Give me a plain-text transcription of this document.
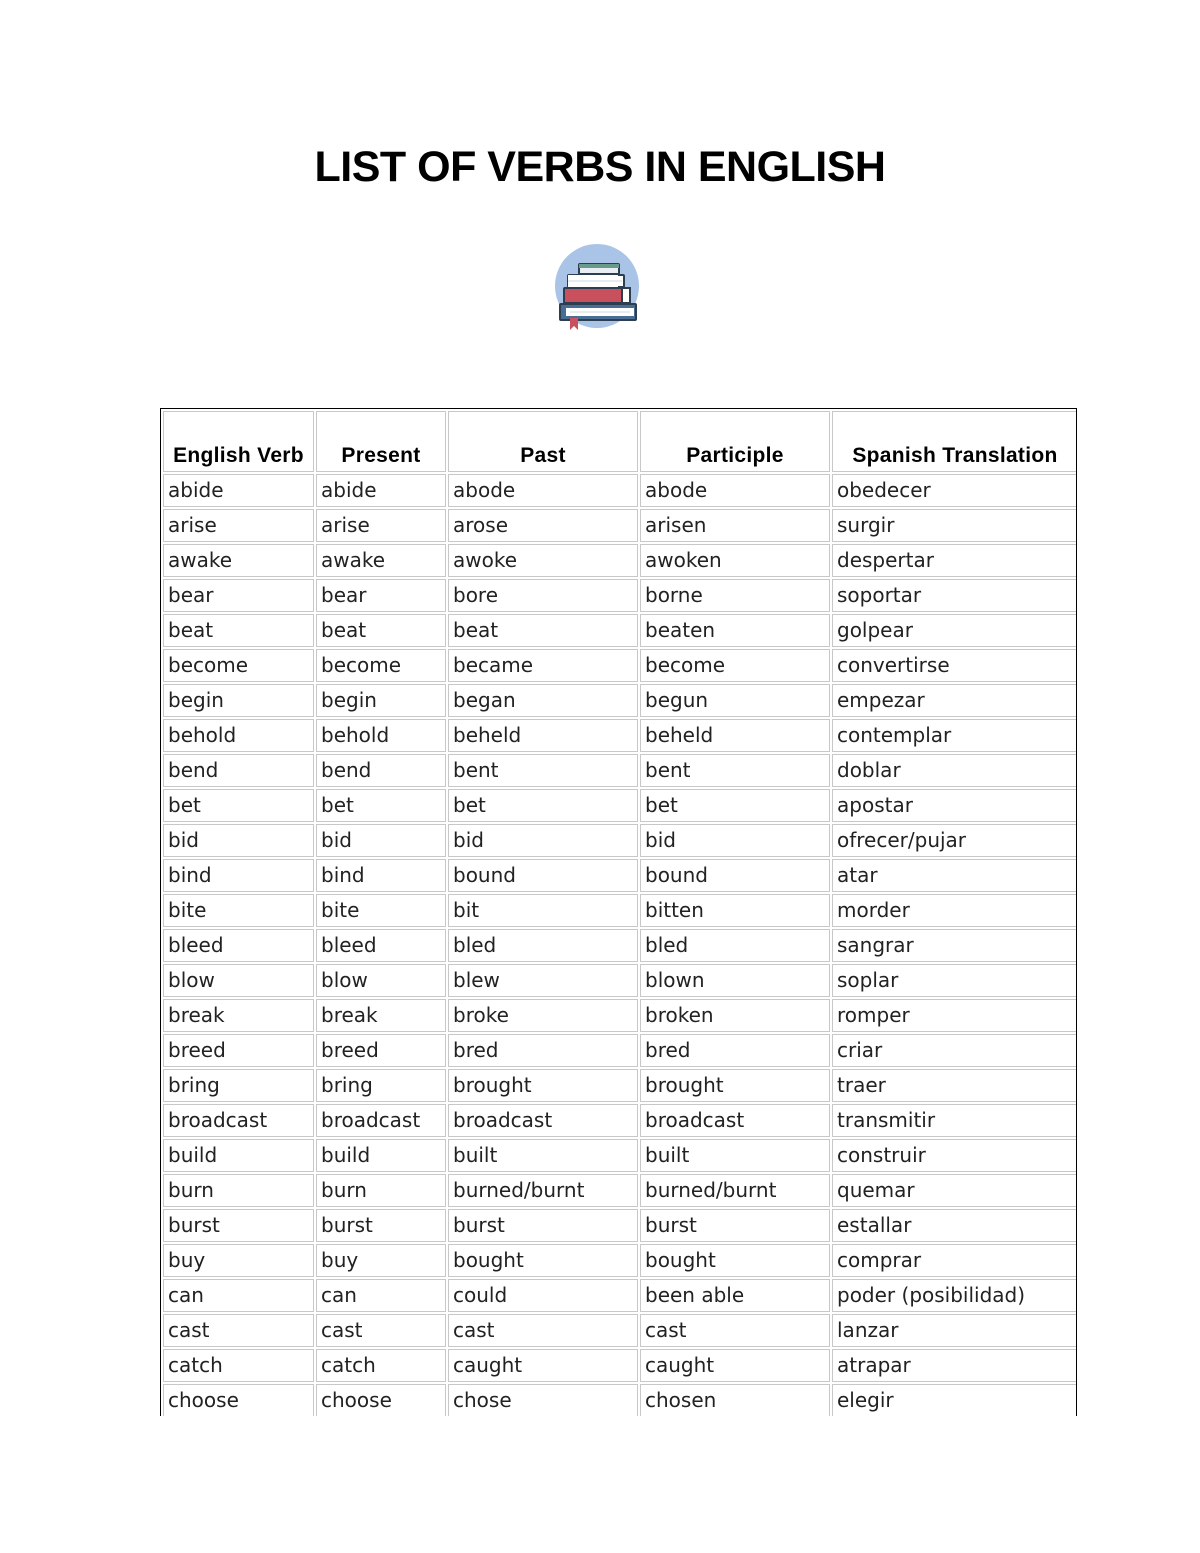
LIST OF VERBS IN ENGLISH
English Verb	Present	Past	Participle	Spanish Translation
abide	abide	abode	abode	obedecer
arise	arise	arose	arisen	surgir
awake	awake	awoke	awoken	despertar
bear	bear	bore	borne	soportar
beat	beat	beat	beaten	golpear
become	become	became	become	convertirse
begin	begin	began	begun	empezar
behold	behold	beheld	beheld	contemplar
bend	bend	bent	bent	doblar
bet	bet	bet	bet	apostar
bid	bid	bid	bid	ofrecer/pujar
bind	bind	bound	bound	atar
bite	bite	bit	bitten	morder
bleed	bleed	bled	bled	sangrar
blow	blow	blew	blown	soplar
break	break	broke	broken	romper
breed	breed	bred	bred	criar
bring	bring	brought	brought	traer
broadcast	broadcast	broadcast	broadcast	transmitir
build	build	built	built	construir
burn	burn	burned/burnt	burned/burnt	quemar
burst	burst	burst	burst	estallar
buy	buy	bought	bought	comprar
can	can	could	been able	poder (posibilidad)
cast	cast	cast	cast	lanzar
catch	catch	caught	caught	atrapar
choose	choose	chose	chosen	elegir
